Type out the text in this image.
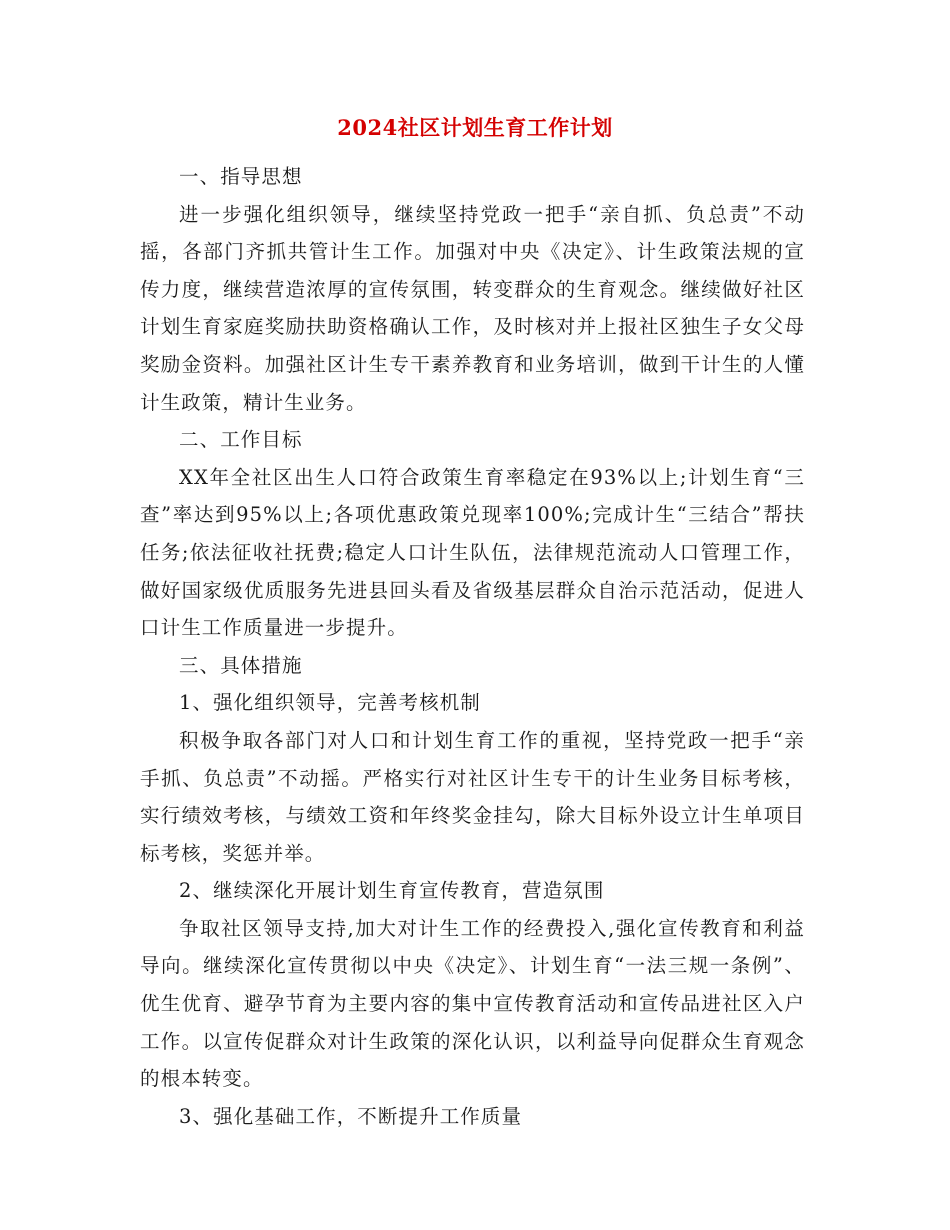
2024社区计划生育工作计划

一、指导思想

进一步强化组织领导，继续坚持党政一把手“亲自抓、负总责”不动摇，各部门齐抓共管计生工作。加强对中央《决定》、计生政策法规的宣传力度，继续营造浓厚的宣传氛围，转变群众的生育观念。继续做好社区计划生育家庭奖励扶助资格确认工作，及时核对并上报社区独生子女父母奖励金资料。加强社区计生专干素养教育和业务培训，做到干计生的人懂计生政策，精计生业务。

二、工作目标

XX年全社区出生人口符合政策生育率稳定在93%以上;计划生育“三查”率达到95%以上;各项优惠政策兑现率100%;完成计生“三结合”帮扶任务;依法征收社抚费;稳定人口计生队伍，法律规范流动人口管理工作，做好国家级优质服务先进县回头看及省级基层群众自治示范活动，促进人口计生工作质量进一步提升。

三、具体措施

1、强化组织领导，完善考核机制

积极争取各部门对人口和计划生育工作的重视，坚持党政一把手“亲手抓、负总责”不动摇。严格实行对社区计生专干的计生业务目标考核，实行绩效考核，与绩效工资和年终奖金挂勾，除大目标外设立计生单项目标考核，奖惩并举。

2、继续深化开展计划生育宣传教育，营造氛围

争取社区领导支持,加大对计生工作的经费投入,强化宣传教育和利益导向。继续深化宣传贯彻以中央《决定》、计划生育“一法三规一条例”、优生优育、避孕节育为主要内容的集中宣传教育活动和宣传品进社区入户工作。以宣传促群众对计生政策的深化认识，以利益导向促群众生育观念的根本转变。

3、强化基础工作，不断提升工作质量
